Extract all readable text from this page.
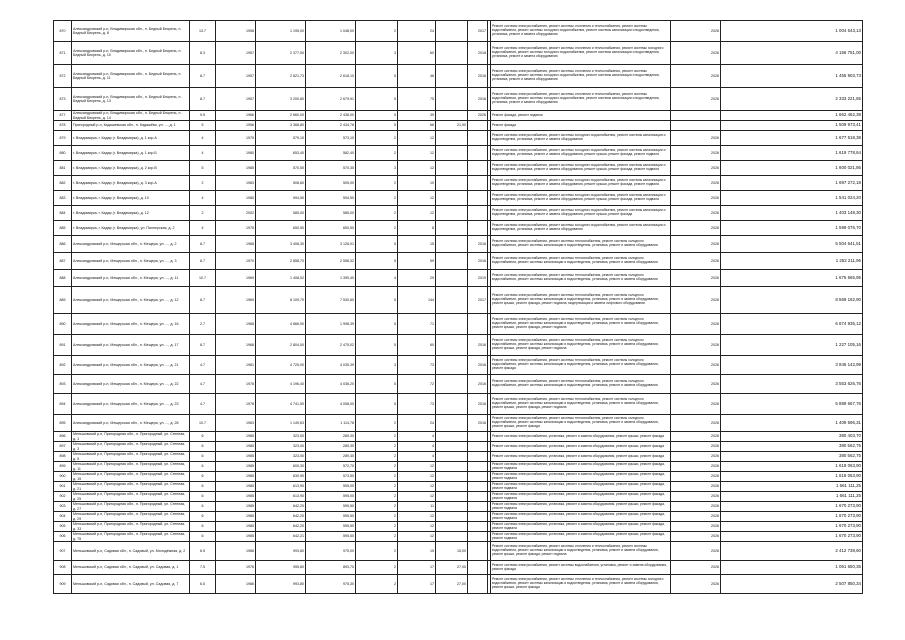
870	Александровский р-н, Владимирская обл., п. Бедный Бекрень, п. Бедный Бекрень, д. 8	13.7	1958	1 195,00	1 048,00	2	24		2017		Ремонт системы электроснабжения, ремонт системы отопления и теплоснабжения, ремонт системы водоснабжения, ремонт системы холодного водоснабжения, ремонт системы канализации и водоотведения, установка, ремонт и замена оборудования	2026	1 004 643,13
871	Александровский р-н, Владимирская обл., п. Бедный Бекрень, п. Бедный Бекрень, д. 10	8.3	1957	2 377,00	2 302,00	3	60		2018		Ремонт системы электроснабжения, ремонт системы отопления и теплоснабжения, ремонт системы холодного водоснабжения, ремонт системы холодного водоснабжения, ремонт системы канализации и водоотведения, установка, ремонт и замена оборудования	2026	4 156 751,00
872	Александровский р-н, Владимирская обл., п. Бедный Бекрень, п. Бедный Бекрень, д. 11	8.7	1957	2 821,73	2 618,10	5	46		2016		Ремонт системы электроснабжения, ремонт системы отопления и теплоснабжения, ремонт системы водоснабжения, ремонт системы холодного водоснабжения, ремонт системы канализации и водоотведения, установка, ремонт и замена оборудования	2026	1 455 903,73
873	Александровский р-н, Владимирская обл., п. Бедный Бекрень, п. Бедный Бекрень, д. 13	8.7	1957	3 200,80	2 679,91	5	75		2016		Ремонт системы электроснабжения, ремонт системы отопления и теплоснабжения, ремонт системы водоснабжения, ремонт системы холодного водоснабжения, ремонт системы канализации и водоотведения, установка, ремонт и замена оборудования	2026	2 333 221,65
877	Александровский р-н, Владимирская обл., п. Бедный Бекрень, п. Бедный Бекрень, д. 14	9.5	1966	2 660,00	2 438,00	5	39		2026		Ремонт фасада, ремонт подвала		1 662 462,38
878	Пригородный р-н, Кадашевская обл., п. Кадашёво, ул. ..., д. 1	5	1956	3 368,80	2 434,78	5	66	21,90			Ремонт фасада		1 509 973,41
879	г. Владимирка, г. Кадар (г. Владимирка), д. 1 кор.А	4	1975	579,10	573,10	2	12				Ремонт системы электроснабжения, ремонт системы холодного водоснабжения, ремонт системы канализации и водоотведения, установка, ремонт и замена оборудования	2026	1 677 518,38
880	г. Владимирка, г. Кадар (г. Владимирка), д. 1 кор.Б	4	1980	653,40	582,40	2	12				Ремонт системы электроснабжения, ремонт системы холодного водоснабжения, ремонт системы канализации и водоотведения, установка, ремонт и замена оборудования, ремонт крыши, ремонт фасада, ремонт подвала	2026	1 619 778,64
881	г. Владимирка, г. Кадар (г. Владимирка), д. 2 кор.В	5	1985	570,50	570,30	3	12				Ремонт системы электроснабжения, ремонт системы холодного водоснабжения, ремонт системы канализации и водоотведения, установка, ремонт и замена оборудования, ремонт крыши, ремонт фасада, ремонт подвала	2026	1 600 021,86
882	г. Владимирка, г. Кадар (г. Владимирка), д. 3 кор.А	2	1983	508,60	505,00	2	10				Ремонт системы электроснабжения, ремонт системы холодного водоснабжения, ремонт системы канализации и водоотведения, установка, ремонт и замена оборудования, ремонт крыши, ремонт фасада, ремонт подвала	2026	1 697 272,18
883	г. Владимирка, г. Кадар (г. Владимирка), д. 10	4	1980	594,50	594,50	2	12				Ремонт системы электроснабжения, ремонт системы холодного водоснабжения, ремонт системы канализации и водоотведения, установка, ремонт и замена оборудования, ремонт крыши, ремонт фасада, ремонт подвала	2026	1 541 024,20
884	г. Владимирка, г. Кадар (г. Владимирка), д. 12	2	2002	585,00	585,00	2	12				Ремонт системы электроснабжения, ремонт системы холодного водоснабжения, ремонт системы канализации и водоотведения, установка, ремонт и замена оборудования, ремонт крыши, ремонт фасада	2026	1 403 148,30
885	г. Владимирка, г. Кадар (г. Владимирка), ул. Пионерская, д. 2	4	1975	650,50	650,50	2	8				Ремонт системы электроснабжения, ремонт системы холодного водоснабжения, ремонт системы канализации и водоотведения, установка, ремонт и замена оборудования	2026	1 599 076,70
886	Александровский р-н, Мещерская обл., п. Мещера, ул. ..., д. 2	8.7	1968	3 408,30	3 126,01	5	15		2016		Ремонт системы электроснабжения, ремонт системы теплоснабжения, ремонт системы холодного водоснабжения, ремонт системы канализации и водоотведения, установка, ремонт и замена оборудования	2026	5 504 641,51
887	Александровский р-н, Мещерская обл., п. Мещера, ул. ..., д. 3	8.7	1970	2 858,70	2 558,32	5	59		2016		Ремонт системы электроснабжения, ремонт системы теплоснабжения, ремонт системы холодного водоснабжения, ремонт системы канализации и водоотведения, установка, ремонт и замена оборудования	2026	1 252 211,96
888	Александровский р-н, Мещерская обл., п. Мещера, ул. ..., д. 11	10.7	1969	1 408,02	1 399,40	4	29		2019		Ремонт системы электроснабжения, ремонт системы теплоснабжения, ремонт системы холодного водоснабжения, ремонт системы канализации и водоотведения, установка, ремонт и замена оборудования	2026	1 675 565,95
889	Александровский р-н, Мещерская обл., п. Мещера, ул. ..., д. 12	8.7	1969	8 109,70	7 530,60	5	144		2017		Ремонт системы электроснабжения, ремонт системы теплоснабжения, ремонт системы холодного водоснабжения, ремонт системы канализации и водоотведения, установка, ремонт и замена оборудования, ремонт крыши, ремонт фасада, ремонт подвала, модернизация и замена лифтового оборудования	2026	8 569 162,90
890	Александровский р-н, Мещерская обл., п. Мещера, ул. ..., д. 16	2.7	1968	4 866,90	1 998,39	5	71				Ремонт системы электроснабжения, ремонт системы теплоснабжения, ремонт системы холодного водоснабжения, ремонт системы канализации и водоотведения, установка, ремонт и замена оборудования, ремонт крыши, ремонт фасада, ремонт подвала	2026	6 674 935,12
891	Александровский р-н, Мещерская обл., п. Мещера, ул. ..., д. 17	8.7	1968	2 804,00	2 475,02	5	60		2016		Ремонт системы электроснабжения, ремонт системы теплоснабжения, ремонт системы холодного водоснабжения, ремонт системы канализации и водоотведения, установка, ремонт и замена оборудования, ремонт крыши, ремонт фасада, ремонт подвала	2026	1 227 105,16
892	Александровский р-н, Мещерская обл., п. Мещера, ул. ..., д. 21	4.7	1981	4 725,00	4 035,39	3	73		2016		Ремонт системы электроснабжения, ремонт системы теплоснабжения, ремонт системы холодного водоснабжения, ремонт системы канализации и водоотведения, установка, ремонт и замена оборудования, ремонт фасада	2026	3 846 142,99
893	Александровский р-н, Мещерская обл., п. Мещера, ул. ..., д. 22	4.7	1978	4 196,40	4 036,20	5	72		2016		Ремонт системы электроснабжения, ремонт системы теплоснабжения, ремонт системы холодного водоснабжения, ремонт системы канализации и водоотведения, установка, ремонт и замена оборудования	2026	3 553 626,76
894	Александровский р-н, Мещерская обл., п. Мещера, ул. ..., д. 23	4.7	1978	4 741,50	4 058,00	5	73		2016		Ремонт системы электроснабжения, ремонт системы теплоснабжения, ремонт системы холодного водоснабжения, ремонт системы канализации и водоотведения, установка, ремонт и замена оборудования, ремонт крыши, ремонт фасада, ремонт подвала	2026	5 889 667,76
895	Александровский р-н, Мещерская обл., п. Мещера, ул. ..., д. 28	10.7	1963	1 149,63	1 114,78	2	24		2016		Ремонт системы электроснабжения, ремонт системы теплоснабжения, ремонт системы холодного водоснабжения, ремонт системы канализации и водоотведения, установка, ремонт и замена оборудования, ремонт крыши, ремонт фасада	2026	1 409 596,31
896	Меньшовский р-н, Пригородная обл., п. Пригородный, ул. Степная, д. 1	6	1985	323,00	289,30	2	4				Ремонт системы электроснабжения, установка, ремонт и замена оборудования, ремонт крыши, ремонт фасада	2026	380 403,70
897	Меньшовский р-н, Пригородная обл., п. Пригородный, ул. Степная, д. 3	6	1985	323,00	289,30	2	4				Ремонт системы электроснабжения, установка, ремонт и замена оборудования, ремонт крыши, ремонт фасада	2026	380 562,75
898	Меньшовский р-н, Пригородная обл., п. Пригородный, ул. Степная, д. 5	6	1985	323,00	289,30	2	4				Ремонт системы электроснабжения, установка, ремонт и замена оборудования, ремонт крыши, ремонт фасада	2026	380 562,75
899	Меньшовский р-н, Пригородная обл., п. Пригородный, ул. Степная, д. 11	6	1985	600,30	572,70	2	12				Ремонт системы электроснабжения, установка, ремонт и замена оборудования, ремонт крыши, ремонт фасада, ремонт подвала	2026	1 618 063,90
900	Меньшовский р-н, Пригородная обл., п. Пригородный, ул. Степная, д. 15	6	1985	630,90	573,50	2	12				Ремонт системы электроснабжения, установка, ремонт и замена оборудования, ремонт крыши, ремонт фасада, ремонт подвала	2026	1 618 063,90
901	Меньшовский р-н, Пригородная обл., п. Пригородный, ул. Степная, д. 21	6	1985	613,90	595,00	2	12				Ремонт системы электроснабжения, установка, ремонт и замена оборудования, ремонт крыши, ремонт фасада, ремонт подвала	2026	1 661 111,25
902	Меньшовский р-н, Пригородная обл., п. Пригородный, ул. Степная, д. 25	6	1985	613,90	595,00	2	12				Ремонт системы электроснабжения, установка, ремонт и замена оборудования, ремонт крыши, ремонт фасада, ремонт подвала	2026	1 661 111,25
903	Меньшовский р-н, Пригородная обл., п. Пригородный, ул. Степная, д. 27	6	1985	642,20	595,50	2	11				Ремонт системы электроснабжения, установка, ремонт и замена оборудования, ремонт крыши, ремонт фасада, ремонт подвала	2026	1 670 273,90
904	Меньшовский р-н, Пригородная обл., п. Пригородный, ул. Степная, д. 29	6	1985	642,20	595,50	2	12				Ремонт системы электроснабжения, установка, ремонт и замена оборудования, ремонт крыши, ремонт фасада, ремонт подвала	2026	1 670 273,90
905	Меньшовский р-н, Пригородная обл., п. Пригородный, ул. Степная, д. 33	6	1985	642,20	595,50	2	12				Ремонт системы электроснабжения, установка, ремонт и замена оборудования, ремонт крыши, ремонт фасада, ремонт подвала	2026	1 670 273,90
906	Меньшовский р-н, Пригородная обл., п. Пригородный, ул. Степная, д. 75	6	1985	642,21	595,50	2	12				Ремонт системы электроснабжения, установка, ремонт и замена оборудования, ремонт крыши, ремонт фасада, ремонт подвала	2026	1 670 273,90
907	Меньшовский р-н, Садовая обл., п. Садовый, ул. Молодёжная, д. 2	6.5	1986	993,80	975,00	2	15	15,00			Ремонт системы электроснабжения, ремонт системы отопления и теплоснабжения, ремонт системы водоснабжения, ремонт системы канализации и водоотведения, установка, ремонт и замена оборудования, ремонт крыши, ремонт фасада, ремонт подвала	2026	2 412 738,60
908	Меньшовский р-н, Садовая обл., п. Садовый, ул. Садовая, д. 1	7.5	1976	955,80	893,70	2	17	27,00			Ремонт системы электроснабжения, ремонт системы водоснабжения, установка, ремонт и замена оборудования, ремонт фасада	2026	1 061 650,35
909	Меньшовский р-н, Садовая обл., п. Садовый, ул. Садовая, д. 7	6.5	1986	993,80	975,30	2	17	27,00			Ремонт системы электроснабжения, ремонт системы отопления и теплоснабжения, ремонт системы холодного водоснабжения, ремонт системы канализации и водоотведения, установка, ремонт и замена оборудования, ремонт крыши, ремонт фасада	2026	2 507 850,34
